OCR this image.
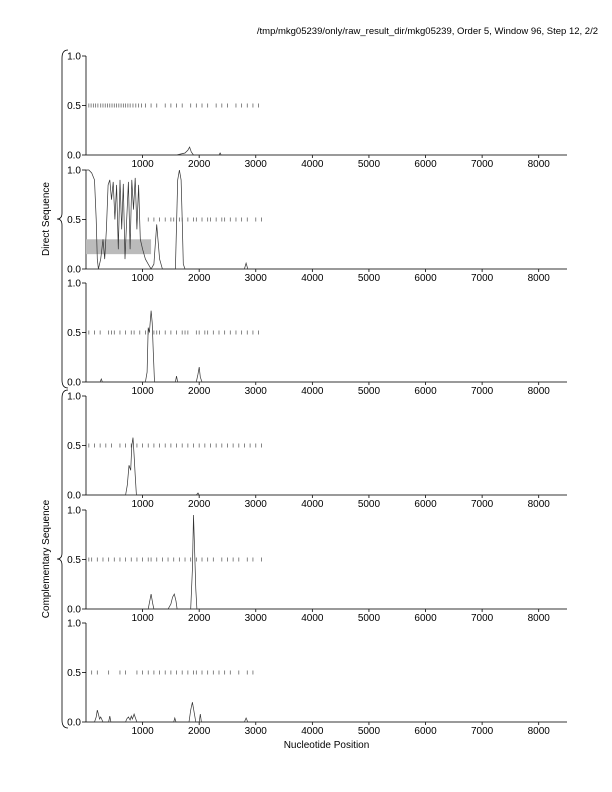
/tmp/mkg05239/only/raw_result_dir/mkg05239, Order 5, Window 96, Step 12, 2/2
0.0
0.5
1.0
1000	2000	3000	4000	5000	6000	7000	8000
0.0
0.5
1.0
1000	2000	3000	4000	5000	6000	7000	8000
0.0
0.5
1.0
1000	2000	3000	4000	5000	6000	7000	8000
0.0
0.5
1.0
1000	2000	3000	4000	5000	6000	7000	8000
0.0
0.5
1.0
1000	2000	3000	4000	5000	6000	7000	8000
0.0
0.5
1.0
1000	2000	3000	4000	5000	6000	7000	8000
Direct Sequence
Complementary Sequence
Nucleotide Position
